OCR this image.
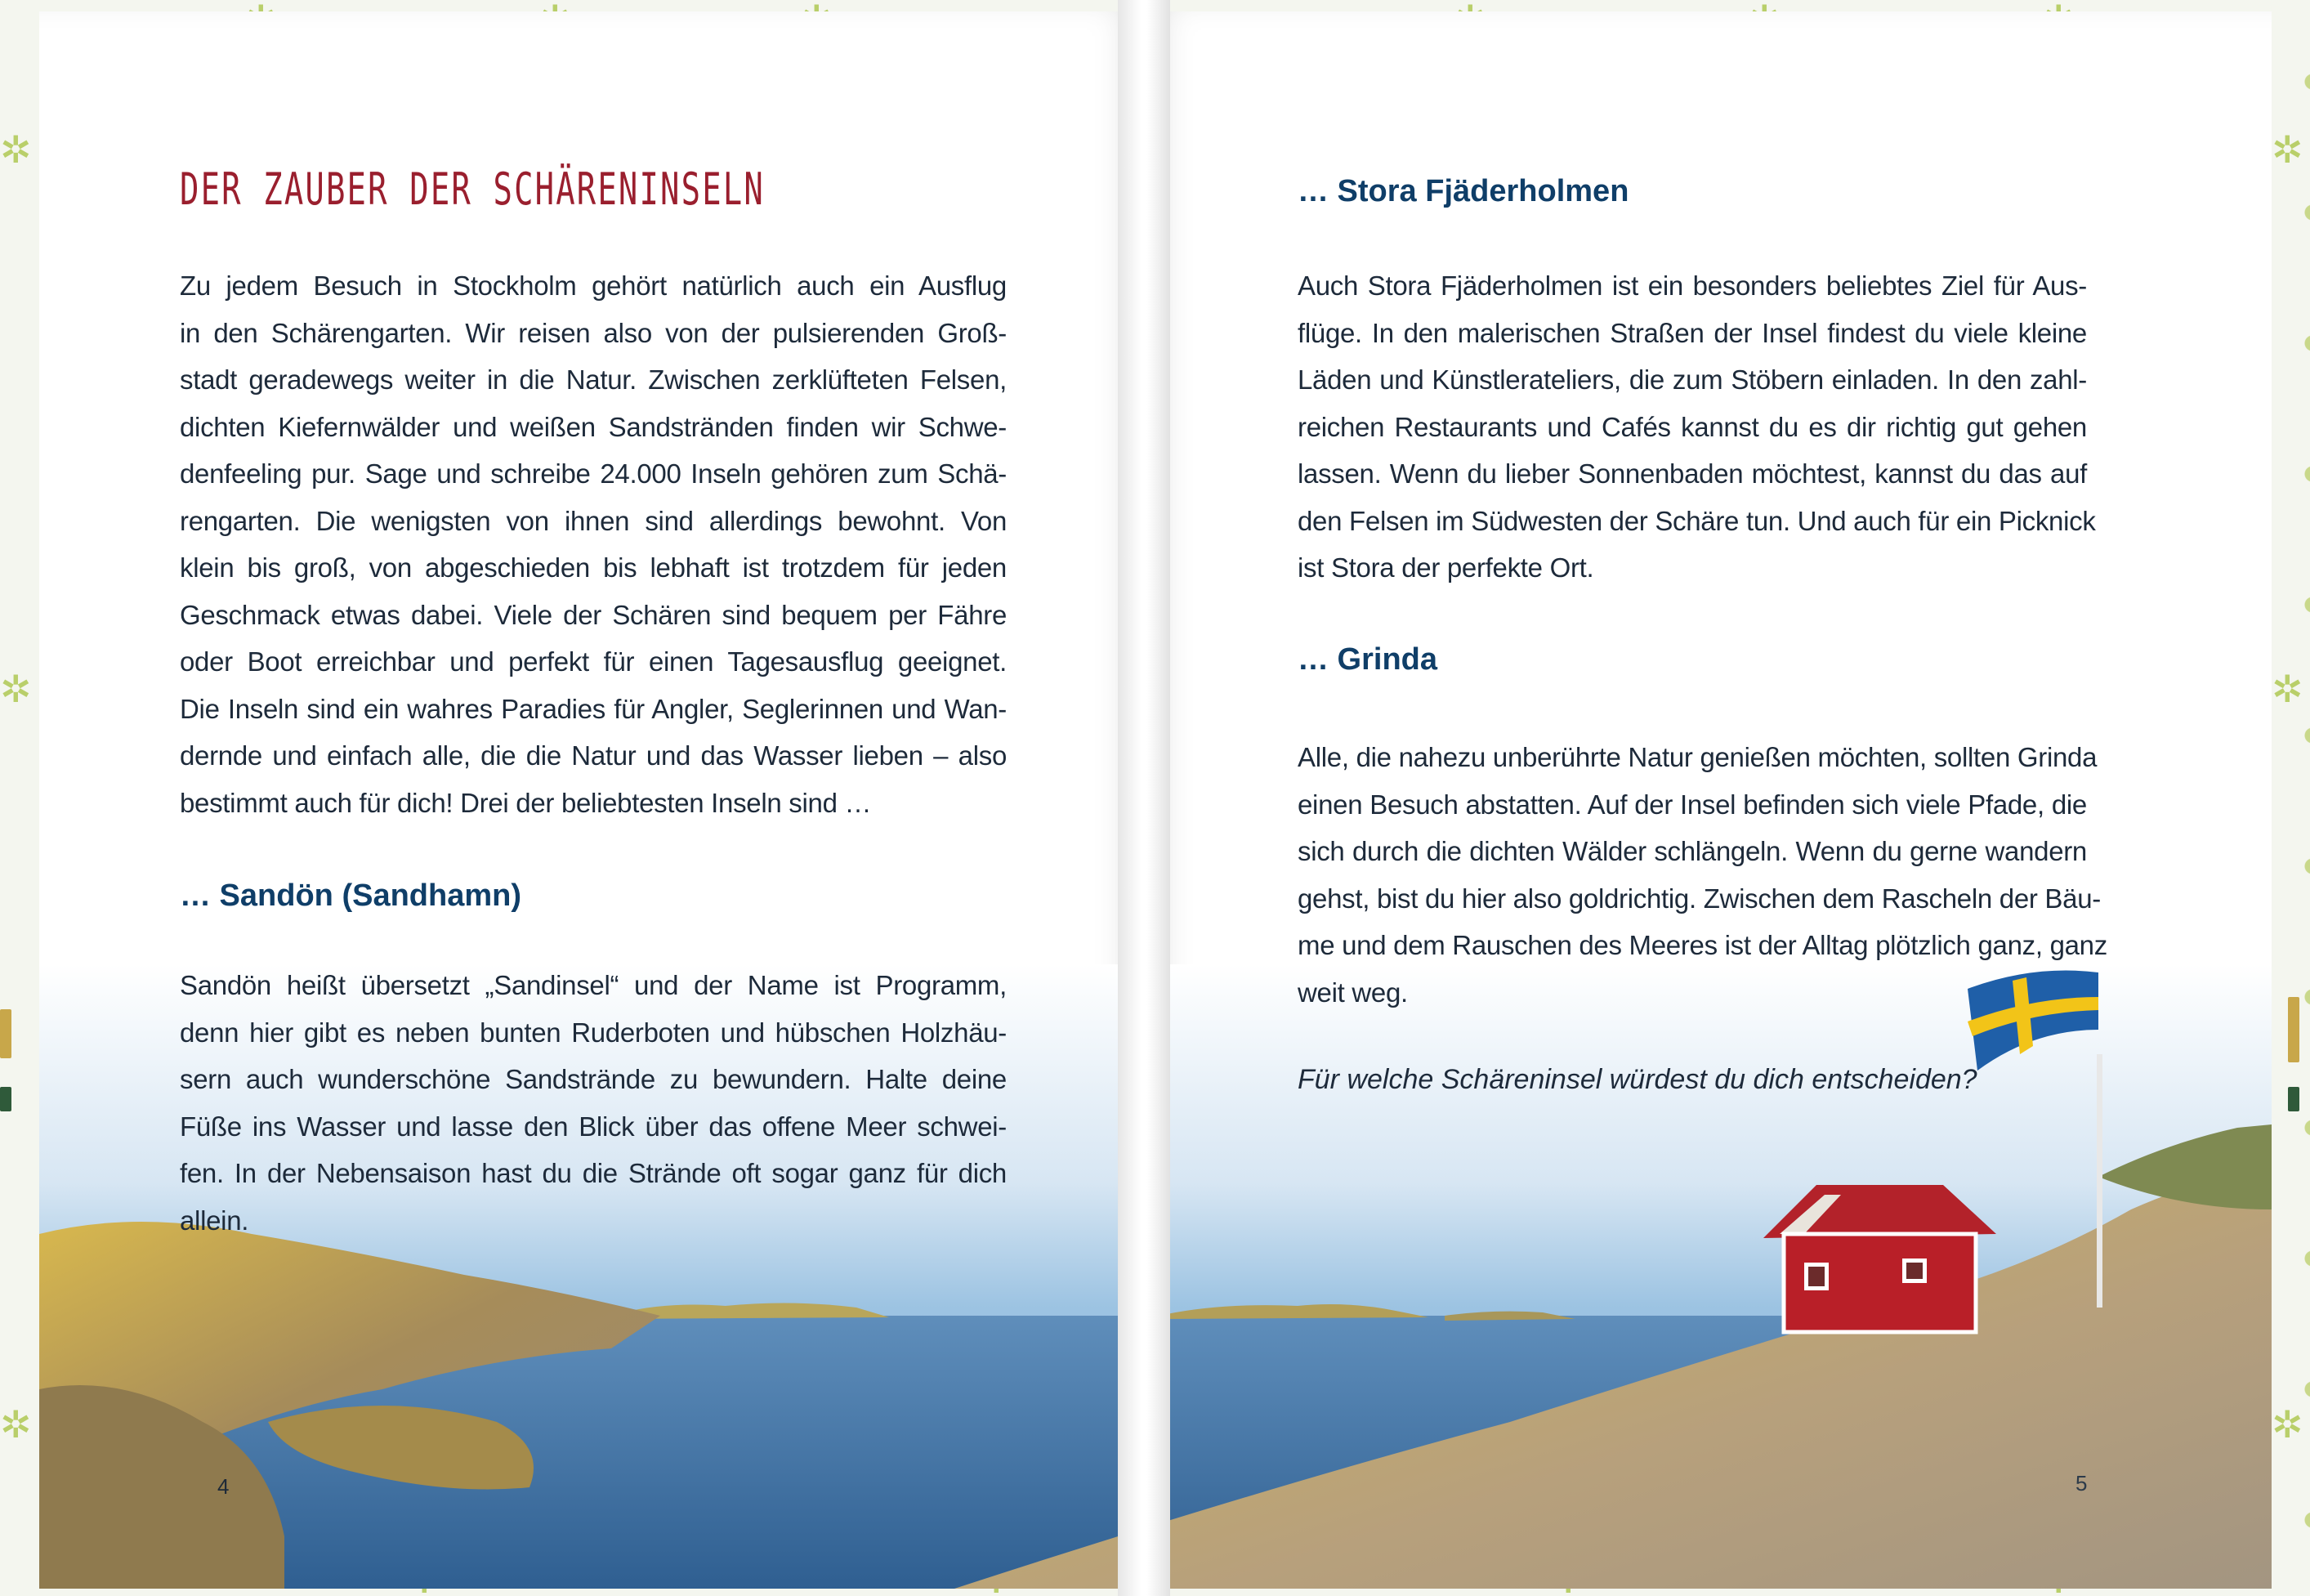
✲
✲
✲
✲
✲
✲
DER ZAUBER DER SCHÄRENINSELN
Zu jedem Besuch in Stockholm gehört natürlich auch ein Ausflug
in den Schärengarten. Wir reisen also von der pulsierenden Groß-
stadt geradewegs weiter in die Natur. Zwischen zerklüfteten Felsen,
dichten Kiefernwälder und weißen Sandstränden finden wir Schwe-
denfeeling pur. Sage und schreibe 24.000 Inseln gehören zum Schä-
rengarten. Die wenigsten von ihnen sind allerdings bewohnt. Von
klein bis groß, von abgeschieden bis lebhaft ist trotzdem für jeden
Geschmack etwas dabei. Viele der Schären sind bequem per Fähre
oder Boot erreichbar und perfekt für einen Tagesausflug geeignet.
Die Inseln sind ein wahres Paradies für Angler, Seglerinnen und Wan-
dernde und einfach alle, die die Natur und das Wasser lieben – also
bestimmt auch für dich! Drei der beliebtesten Inseln sind …
… Sandön (Sandhamn)
Sandön heißt übersetzt „Sandinsel“ und der Name ist Programm,
denn hier gibt es neben bunten Ruderboten und hübschen Holzhäu-
sern auch wunderschöne Sandstrände zu bewundern. Halte deine
Füße ins Wasser und lasse den Blick über das offene Meer schwei-
fen. In der Nebensaison hast du die Strände oft sogar ganz für dich
allein.
4
… Stora Fjäderholmen
Auch Stora Fjäderholmen ist ein besonders beliebtes Ziel für Aus-
flüge. In den malerischen Straßen der Insel findest du viele kleine
Läden und Künstlerateliers, die zum Stöbern einladen. In den zahl-
reichen Restaurants und Cafés kannst du es dir richtig gut gehen
lassen. Wenn du lieber Sonnenbaden möchtest, kannst du das auf
den Felsen im Südwesten der Schäre tun. Und auch für ein Picknick
ist Stora der perfekte Ort.
… Grinda
Alle, die nahezu unberührte Natur genießen möchten, sollten Grinda
einen Besuch abstatten. Auf der Insel befinden sich viele Pfade, die
sich durch die dichten Wälder schlängeln. Wenn du gerne wandern
gehst, bist du hier also goldrichtig. Zwischen dem Rascheln der Bäu-
me und dem Rauschen des Meeres ist der Alltag plötzlich ganz, ganz
weit weg.

Für welche Schäreninsel würdest du dich entscheiden?

5
